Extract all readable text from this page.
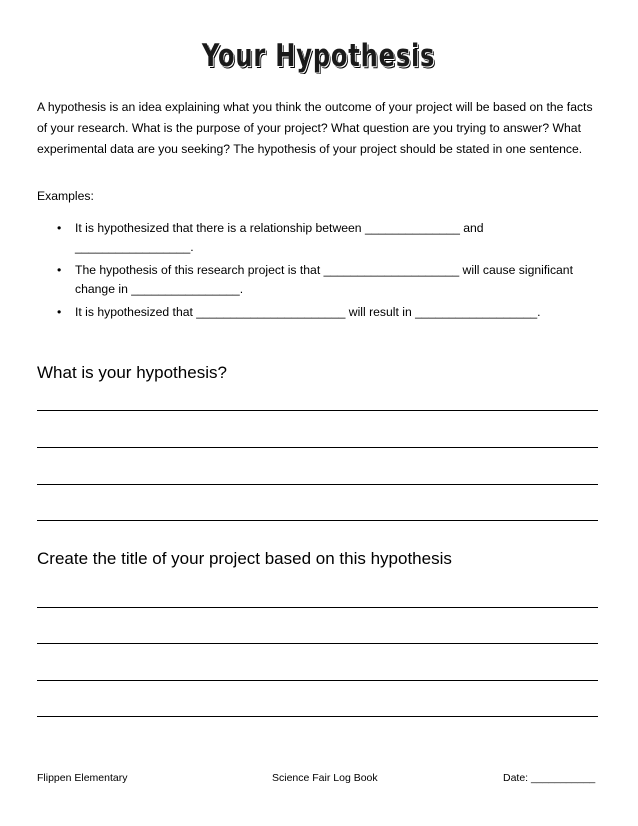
Your Hypothesis
A hypothesis is an idea explaining what you think the outcome of your project will be based on the facts of your research. What is the purpose of your project? What question are you trying to answer? What experimental data are you seeking? The hypothesis of your project should be stated in one sentence.
Examples:
• It is hypothesized that there is a relationship between ______________ and _________________.
• The hypothesis of this research project is that ____________________ will cause significant change in ________________.
• It is hypothesized that ______________________ will result in __________________.
What is your hypothesis?
Create the title of your project based on this hypothesis
Flippen Elementary	Science Fair Log Book	Date: ___________
